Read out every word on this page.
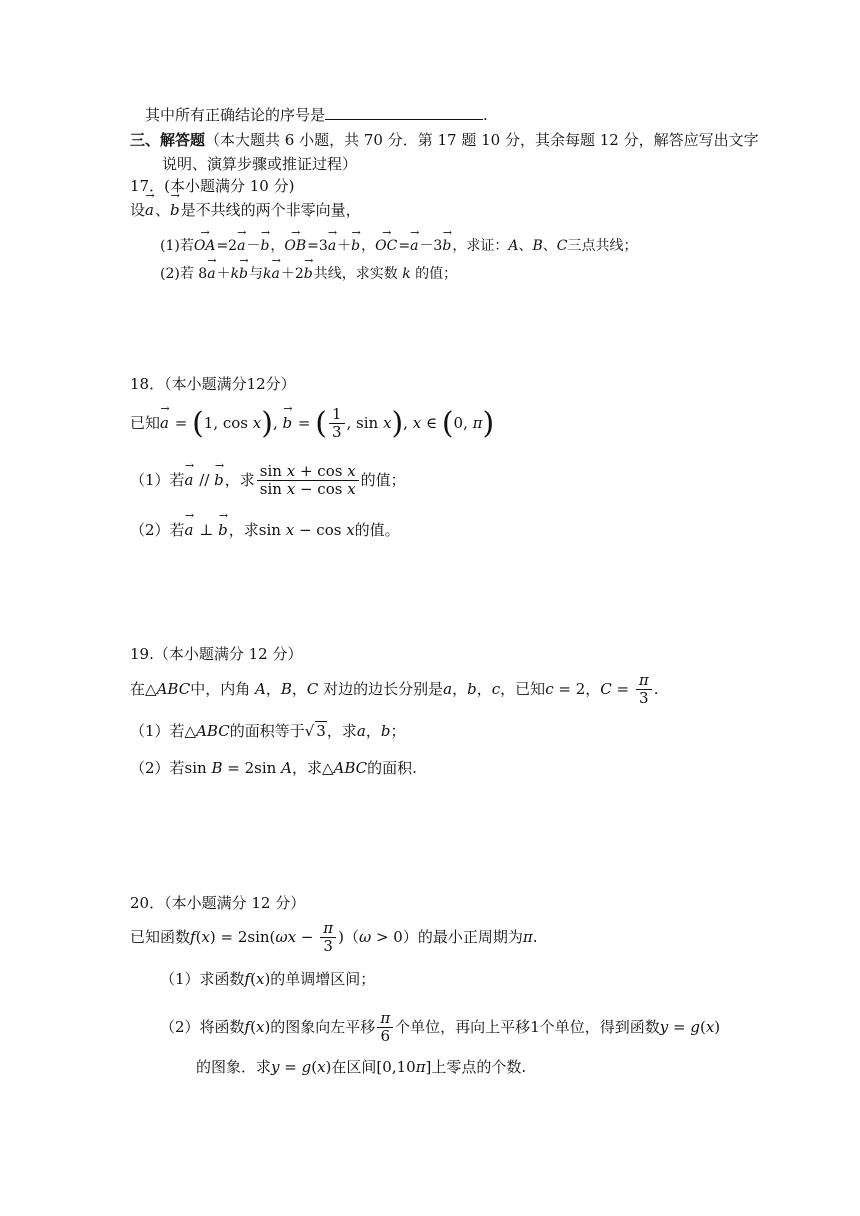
其中所有正确结论的序号是	.
三、解答题（本大题共 6 小题，共 70 分．第 17 题 10 分，其余每题 12 分，解答应写出文字
说明、演算步骤或推证过程）
17．(本小题满分 10 分)
设→ a、→ b是不共线的两个非零向量，
(1)若→ OA=2→ a－→ b，→ OB=3→ a＋→ b，→ OC=→ a－3→ b，求证：A、B、C三点共线；
(2)若 8→ a＋k→ b与k→ a＋2→ b共线，求实数 k 的值；
18．（本小题满分12分）
已知→ a = (1, cos x), → b = ( $\frac{1}{3}$ , sin x), x ∈ (0, π)
（1）若→ a // → b，求 $\frac{\text{sin x + cos x}}{\text{sin x − cos x}}$ 的值；
（2）若→ a ⊥ → b，求sin x − cos x的值。
19.（本小题满分 12 分）
在△ABC中，内角 A，B，C 对边的边长分别是a，b，c，已知c = 2，$C = \frac{\pi}{3}$ .
（1）若△ABC的面积等于√ 3，求a，b；
（2）若sin B = 2sin A，求△ABC的面积.
20．（本小题满分 12 分）
已知函数$f(x) = 2\sin(\omega x - \frac{\pi}{3} )(\omega > 0)$的最小正周期为π.
（1）求函数f(x)的单调增区间；
（2）将函数f(x)的图象向左平移 $\frac{\pi}{6}$ 个单位，再向上平移1个单位，得到函数y = g(x)
的图象．求y = g(x)在区间[0,10π]上零点的个数.
